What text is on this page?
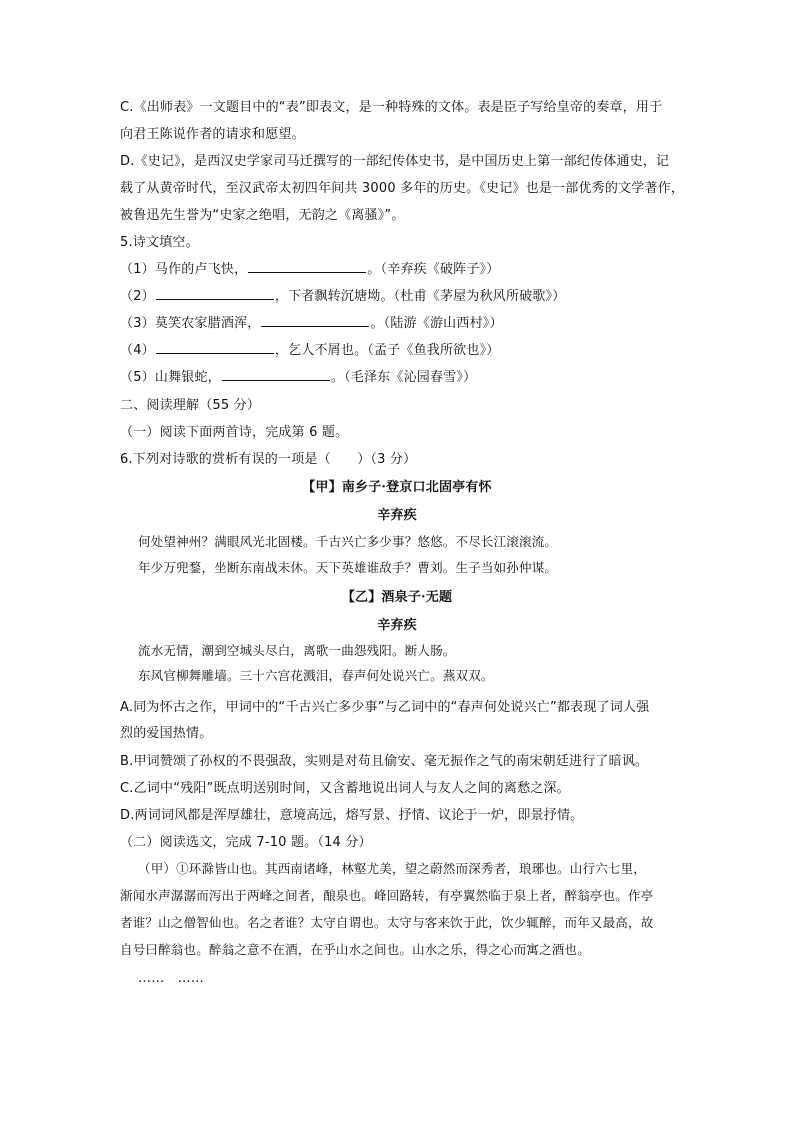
C.《出师表》一文题目中的“表”即表文，是一种特殊的文体。表是臣子写给皇帝的奏章，用于
向君王陈说作者的请求和愿望。
D.《史记》，是西汉史学家司马迁撰写的一部纪传体史书，是中国历史上第一部纪传体通史，记
载了从黄帝时代，至汉武帝太初四年间共 3000 多年的历史。《史记》也是一部优秀的文学著作，
被鲁迅先生誉为“史家之绝唱，无韵之《离骚》”。
5.诗文填空。
（1）马作的卢飞快，	。（辛弃疾《破阵子》）
（2）	，下者飘转沉塘坳。（杜甫《茅屋为秋风所破歌》）
（3）莫笑农家腊酒浑，	。（陆游《游山西村》）
（4）	，乞人不屑也。（孟子《鱼我所欲也》）
（5）山舞银蛇，	。（毛泽东《沁园春雪》）
二、阅读理解（55 分）
（一）阅读下面两首诗，完成第 6 题。
6.下列对诗歌的赏析有误的一项是（　　）（3 分）
【甲】南乡子·登京口北固亭有怀
辛弃疾
何处望神州？满眼风光北固楼。千古兴亡多少事？悠悠。不尽长江滚滚流。
年少万兜鍪，坐断东南战未休。天下英雄谁敌手？曹刘。生子当如孙仲谋。
【乙】酒泉子·无题
辛弃疾
流水无情，潮到空城头尽白，离歌一曲怨残阳。断人肠。
东风官柳舞雕墙。三十六宫花溅泪，春声何处说兴亡。燕双双。
A.同为怀古之作，甲词中的“千古兴亡多少事”与乙词中的“春声何处说兴亡”都表现了词人强
烈的爱国热情。
B.甲词赞颂了孙权的不畏强敌，实则是对苟且偷安、毫无振作之气的南宋朝廷进行了暗讽。
C.乙词中“残阳”既点明送别时间，又含蓄地说出词人与友人之间的离愁之深。
D.两词词风都是浑厚雄壮，意境高远，熔写景、抒情、议论于一炉，即景抒情。
（二）阅读选文，完成 7-10 题。（14 分）
（甲）①环滁皆山也。其西南诸峰，林壑尤美，望之蔚然而深秀者，琅琊也。山行六七里，
渐闻水声潺潺而泻出于两峰之间者，酿泉也。峰回路转，有亭翼然临于泉上者，醉翁亭也。作亭
者谁？山之僧智仙也。名之者谁？太守自谓也。太守与客来饮于此，饮少辄醉，而年又最高，故
自号曰醉翁也。醉翁之意不在酒，在乎山水之间也。山水之乐，得之心而寓之酒也。
……　……
